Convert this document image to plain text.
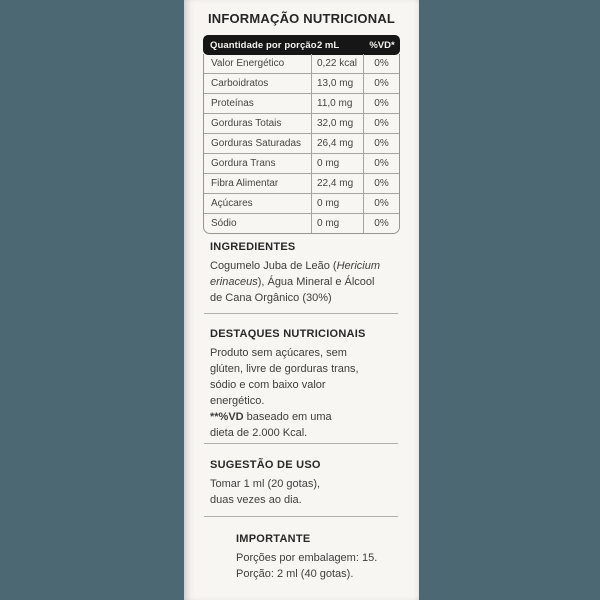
INFORMAÇÃO NUTRICIONAL
Quantidade por porção 2 mL	%VD*
Valor Energético	0,22 kcal	0%
Carboidratos	13,0 mg	0%
Proteínas	11,0 mg	0%
Gorduras Totais	32,0 mg	0%
Gorduras Saturadas	26,4 mg	0%
Gordura Trans	0 mg	0%
Fibra Alimentar	22,4 mg	0%
Açúcares	0 mg	0%
Sódio	0 mg	0%
INGREDIENTES
Cogumelo Juba de Leão (Hericium
erinaceus), Água Mineral e Álcool
de Cana Orgânico (30%)
DESTAQUES NUTRICIONAIS
Produto sem açúcares, sem
glúten, livre de gorduras trans,
sódio e com baixo valor
energético.
**%VD baseado em uma
dieta de 2.000 Kcal.
SUGESTÃO DE USO
Tomar 1 ml (20 gotas),
duas vezes ao dia.
IMPORTANTE
Porções por embalagem: 15.
Porção: 2 ml (40 gotas).
